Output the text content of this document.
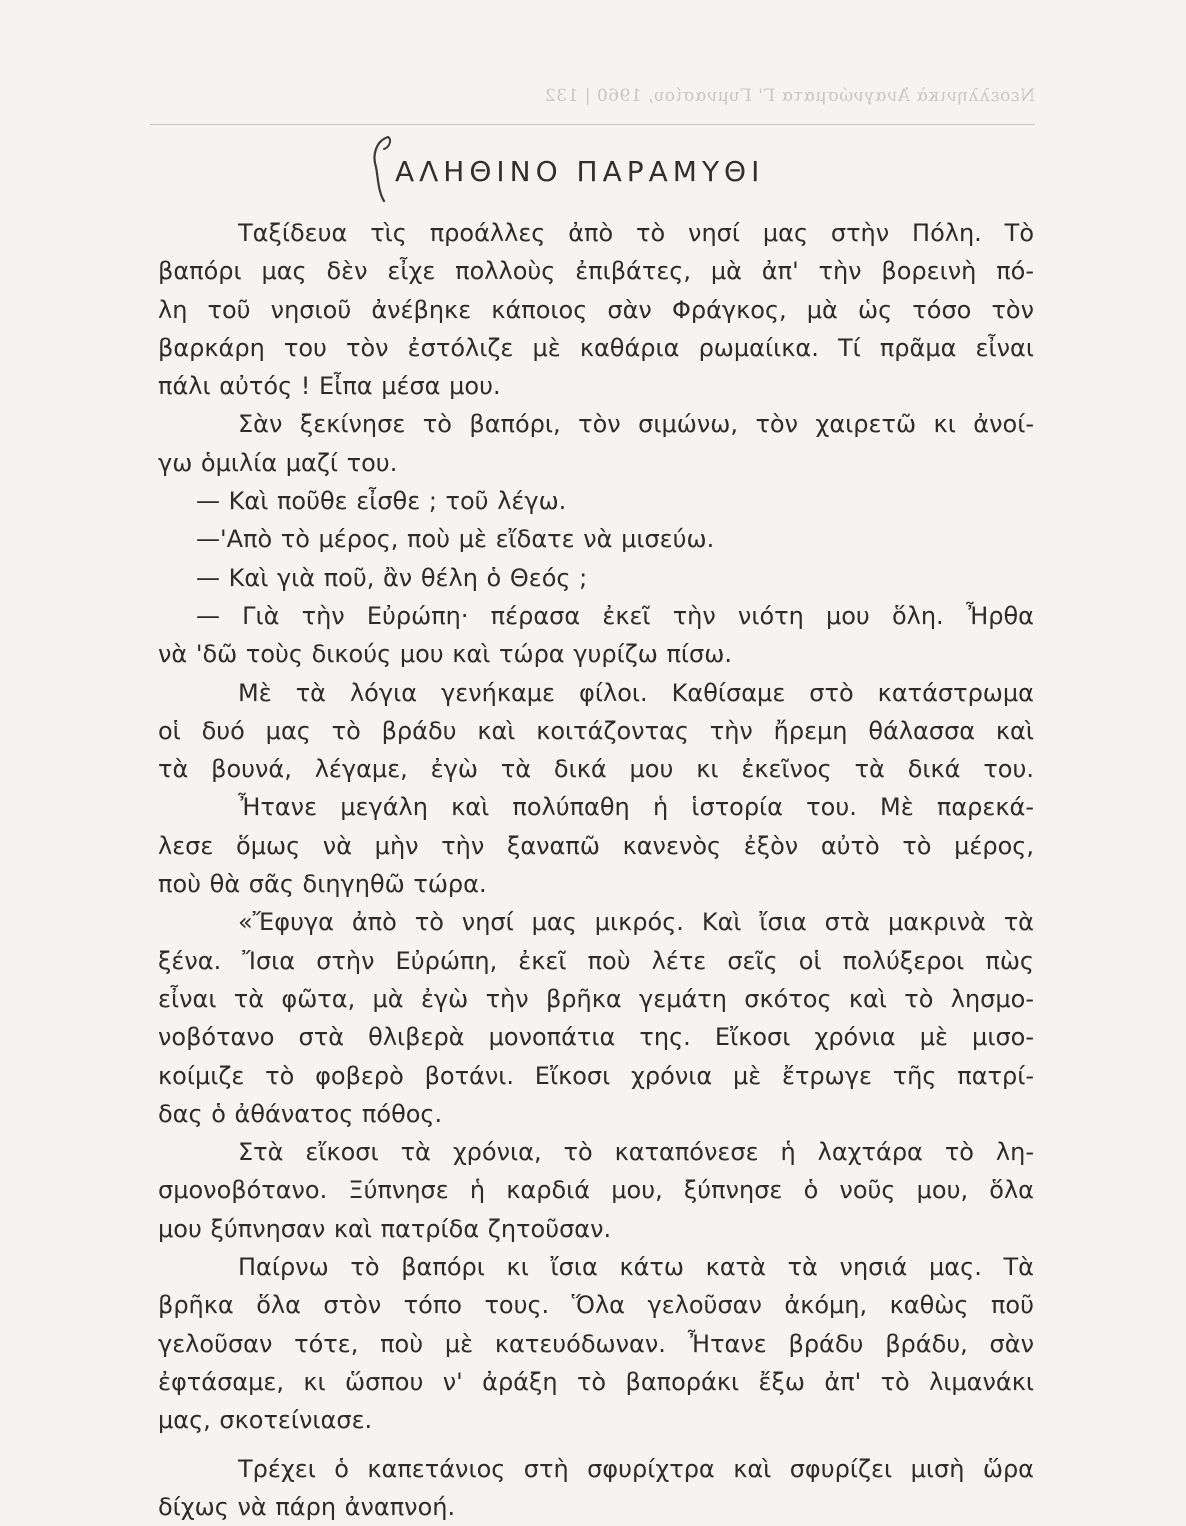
Νεοελληνικὰ Ἀναγνώσματα Γ' Γυμνασίου, 1960 | 132
ΑΛΗΘΙΝΟ ΠΑΡΑΜΥΘΙ
Ταξίδευα τὶς προάλλες ἀπὸ τὸ νησί μας στὴν Πόλη. Τὸ
βαπόρι μας δὲν εἶχε πολλοὺς ἐπιβάτες, μὰ ἀπ' τὴν βορεινὴ πό-
λη τοῦ νησιοῦ ἀνέβηκε κάποιος σὰν Φράγκος, μὰ ὡς τόσο τὸν
βαρκάρη του τὸν ἐστόλιζε μὲ καθάρια ρωμαίικα. Τί πρᾶμα εἶναι
πάλι αὐτός ! Εἶπα μέσα μου.
Σὰν ξεκίνησε τὸ βαπόρι, τὸν σιμώνω, τὸν χαιρετῶ κι ἀνοί-
γω ὁμιλία μαζί του.
— Καὶ ποῦθε εἶσθε ; τοῦ λέγω.
—'Απὸ τὸ μέρος, ποὺ μὲ εἴδατε νὰ μισεύω.
— Καὶ γιὰ ποῦ, ἂν θέλη ὁ Θεός ;
— Γιὰ τὴν Εὐρώπη· πέρασα ἐκεῖ τὴν νιότη μου ὅλη. Ἦρθα
νὰ 'δῶ τοὺς δικούς μου καὶ τώρα γυρίζω πίσω.
Μὲ τὰ λόγια γενήκαμε φίλοι. Καθίσαμε στὸ κατάστρωμα
οἱ δυό μας τὸ βράδυ καὶ κοιτάζοντας τὴν ἤρεμη θάλασσα καὶ
τὰ βουνά, λέγαμε, ἐγὼ τὰ δικά μου κι ἐκεῖνος τὰ δικά του.
Ἦτανε μεγάλη καὶ πολύπαθη ἡ ἱστορία του. Μὲ παρεκά-
λεσε ὅμως νὰ μὴν τὴν ξαναπῶ κανενὸς ἐξὸν αὐτὸ τὸ μέρος,
ποὺ θὰ σᾶς διηγηθῶ τώρα.
«Ἔφυγα ἀπὸ τὸ νησί μας μικρός. Καὶ ἴσια στὰ μακρινὰ τὰ
ξένα. Ἴσια στὴν Εὐρώπη, ἐκεῖ ποὺ λέτε σεῖς οἱ πολύξεροι πὼς
εἶναι τὰ φῶτα, μὰ ἐγὼ τὴν βρῆκα γεμάτη σκότος καὶ τὸ λησμο-
νοβότανο στὰ θλιβερὰ μονοπάτια της. Εἴκοσι χρόνια μὲ μισο-
κοίμιζε τὸ φοβερὸ βοτάνι. Εἴκοσι χρόνια μὲ ἔτρωγε τῆς πατρί-
δας ὁ ἀθάνατος πόθος.
Στὰ εἴκοσι τὰ χρόνια, τὸ καταπόνεσε ἡ λαχτάρα τὸ λη-
σμονοβότανο. Ξύπνησε ἡ καρδιά μου, ξύπνησε ὁ νοῦς μου, ὅλα
μου ξύπνησαν καὶ πατρίδα ζητοῦσαν.
Παίρνω τὸ βαπόρι κι ἴσια κάτω κατὰ τὰ νησιά μας. Τὰ
βρῆκα ὅλα στὸν τόπο τους. Ὅλα γελοῦσαν ἀκόμη, καθὼς ποῦ
γελοῦσαν τότε, ποὺ μὲ κατευόδωναν. Ἦτανε βράδυ βράδυ, σὰν
ἐφτάσαμε, κι ὥσπου ν' ἀράξη τὸ βαποράκι ἔξω ἀπ' τὸ λιμανάκι
μας, σκοτείνιασε.
Τρέχει ὁ καπετάνιος στὴ σφυρίχτρα καὶ σφυρίζει μισὴ ὥρα
δίχως νὰ πάρη ἀναπνοή.
